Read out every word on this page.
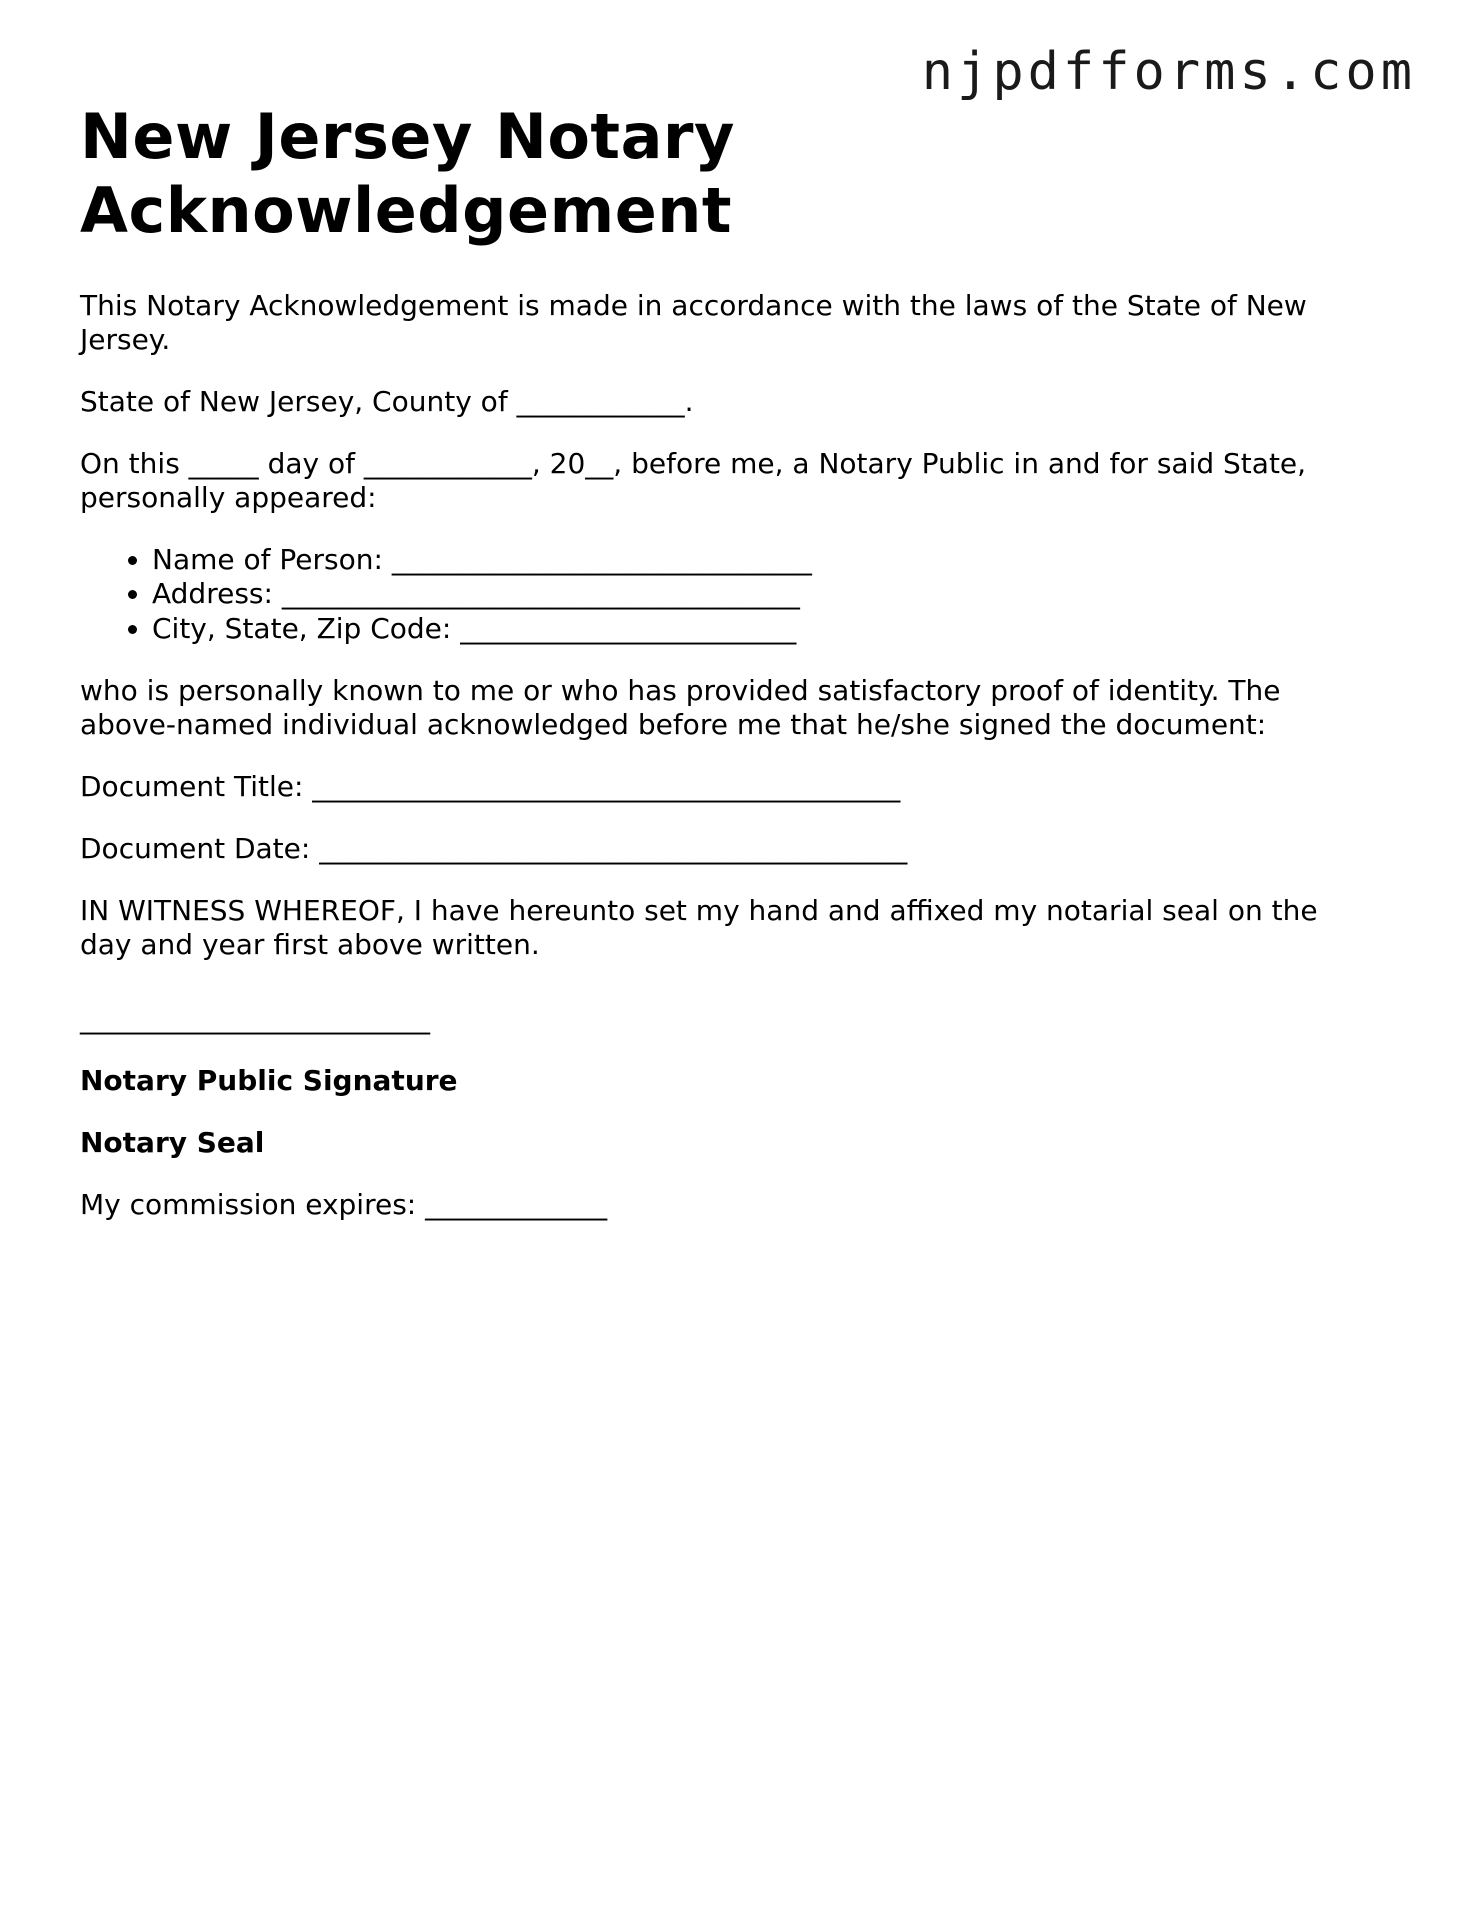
njpdfforms.com
New Jersey Notary Acknowledgement

This Notary Acknowledgement is made in accordance with the laws of the State of New Jersey.

State of New Jersey, County of ____________.

On this _____ day of ____________, 20__, before me, a Notary Public in and for said State, personally appeared:

• Name of Person: ______________________________
• Address: _____________________________________
• City, State, Zip Code: ________________________

who is personally known to me or who has provided satisfactory proof of identity. The above-named individual acknowledged before me that he/she signed the document:

Document Title: __________________________________________

Document Date: __________________________________________

IN WITNESS WHEREOF, I have hereunto set my hand and affixed my notarial seal on the day and year first above written.

_________________________

Notary Public Signature

Notary Seal

My commission expires: _____________
